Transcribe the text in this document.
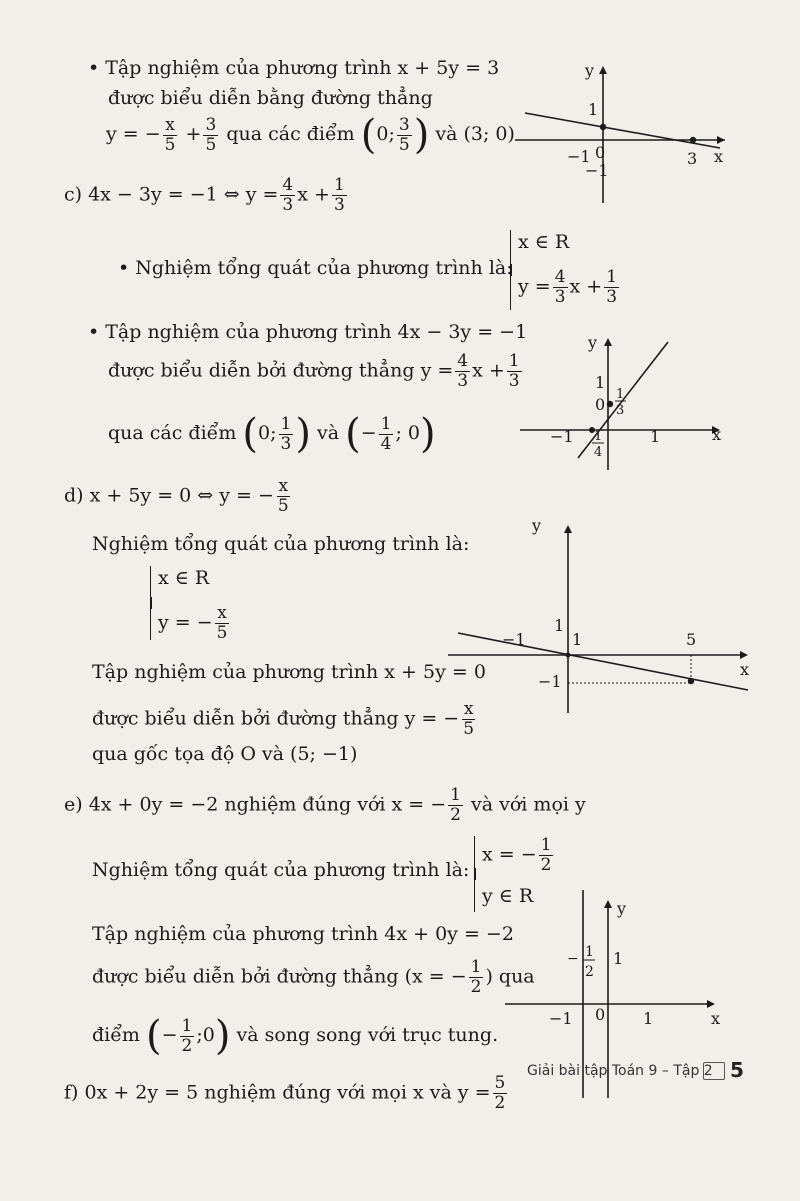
• Tập nghiệm của phương trình x + 5y = 3
được biểu diễn bằng đường thẳng
y = − $\frac{x}{5} + \frac{3}{5}$ qua các điểm (0; $\frac{3}{5}$ ) và (3; 0)
y
x
1
−1 0
−1
3
c) 4x − 3y = −1 ⇔ $y = \frac{4}{3}$ $x + \frac{1}{3}$
• Nghiệm tổng quát của phương trình là:
x ∈ R
$y = \frac{4}{3}$ $x + \frac{1}{3}$
• Tập nghiệm của phương trình 4x − 3y = −1
được biểu diễn bởi đường thẳng $y = \frac{4}{3}$ $x + \frac{1}{3}$
qua các điểm (0; $\frac{1}{3}$ ) và (− $\frac{1}{4}$ ; 0)
y
x
1
0
−1	1
1
3
1
4
d) x + 5y = 0 ⇔ y = − $\frac{x}{5}$
Nghiệm tổng quát của phương trình là:
x ∈ R
y = − $\frac{x}{5}$
Tập nghiệm của phương trình x + 5y = 0
được biểu diễn bởi đường thẳng y = − $\frac{x}{5}$
qua gốc tọa độ O và (5; −1)
y
x
1
−1	1	5
−1
e) 4x + 0y = −2 nghiệm đúng với x = − $\frac{1}{2}$ và với mọi y
Nghiệm tổng quát của phương trình là:
x = − $\frac{1}{2}$
y ∈ R
Tập nghiệm của phương trình 4x + 0y = −2
được biểu diễn bởi đường thẳng (x = − $\frac{1}{2}$ ) qua
điểm (− $\frac{1}{2}$ ;0) và song song với trục tung.
y
x
− 1
2
1
−1 0 1
f) 0x + 2y = 5 nghiệm đúng với mọi x và $y = \frac{5}{2}$
Giải bài tập Toán 9 – Tập 2 5
